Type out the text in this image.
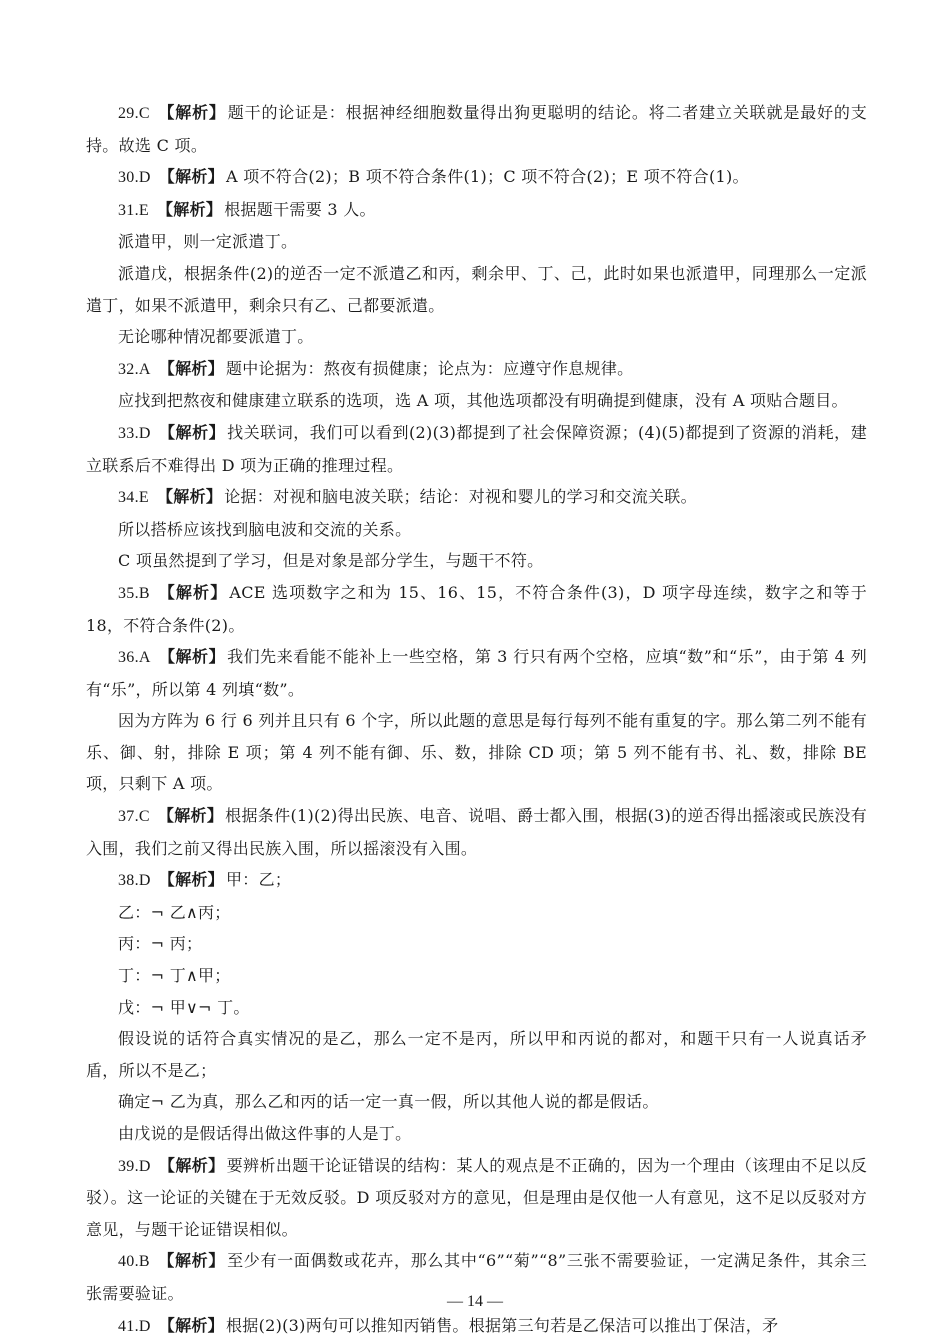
29.C 【解析】 题干的论证是：根据神经细胞数量得出狗更聪明的结论。将二者建立关联就是最好的支持。故选 C 项。

30.D 【解析】 A 项不符合(2)；B 项不符合条件(1)；C 项不符合(2)；E 项不符合(1)。

31.E 【解析】 根据题干需要 3 人。

派遣甲，则一定派遣丁。

派遣戊，根据条件(2)的逆否一定不派遣乙和丙，剩余甲、丁、己，此时如果也派遣甲，同理那么一定派遣丁，如果不派遣甲，剩余只有乙、己都要派遣。

无论哪种情况都要派遣丁。

32.A 【解析】 题中论据为：熬夜有损健康；论点为：应遵守作息规律。

应找到把熬夜和健康建立联系的选项，选 A 项，其他选项都没有明确提到健康，没有 A 项贴合题目。

33.D 【解析】 找关联词，我们可以看到(2)(3)都提到了社会保障资源；(4)(5)都提到了资源的消耗，建立联系后不难得出 D 项为正确的推理过程。

34.E 【解析】 论据：对视和脑电波关联；结论：对视和婴儿的学习和交流关联。

所以搭桥应该找到脑电波和交流的关系。

C 项虽然提到了学习，但是对象是部分学生，与题干不符。

35.B 【解析】 ACE 选项数字之和为 15、16、15，不符合条件(3)，D 项字母连续，数字之和等于 18，不符合条件(2)。

36.A 【解析】 我们先来看能不能补上一些空格，第 3 行只有两个空格，应填“数”和“乐”，由于第 4 列有“乐”，所以第 4 列填“数”。

因为方阵为 6 行 6 列并且只有 6 个字，所以此题的意思是每行每列不能有重复的字。那么第二列不能有乐、御、射，排除 E 项；第 4 列不能有御、乐、数，排除 CD 项；第 5 列不能有书、礼、数，排除 BE 项，只剩下 A 项。

37.C 【解析】 根据条件(1)(2)得出民族、电音、说唱、爵士都入围，根据(3)的逆否得出摇滚或民族没有入围，我们之前又得出民族入围，所以摇滚没有入围。

38.D 【解析】 甲：乙；

乙：¬ 乙∧丙；

丙：¬ 丙；

丁：¬ 丁∧甲；

戊：¬ 甲∨¬ 丁。

假设说的话符合真实情况的是乙，那么一定不是丙，所以甲和丙说的都对，和题干只有一人说真话矛盾，所以不是乙；

确定¬ 乙为真，那么乙和丙的话一定一真一假，所以其他人说的都是假话。

由戊说的是假话得出做这件事的人是丁。

39.D 【解析】 要辨析出题干论证错误的结构：某人的观点是不正确的，因为一个理由（该理由不足以反驳）。这一论证的关键在于无效反驳。D 项反驳对方的意见，但是理由是仅他一人有意见，这不足以反驳对方意见，与题干论证错误相似。

40.B 【解析】 至少有一面偶数或花卉，那么其中“6”“菊”“8”三张不需要验证，一定满足条件，其余三张需要验证。

41.D 【解析】 根据(2)(3)两句可以推知丙销售。根据第三句若是乙保洁可以推出丁保洁，矛

— 14 —
